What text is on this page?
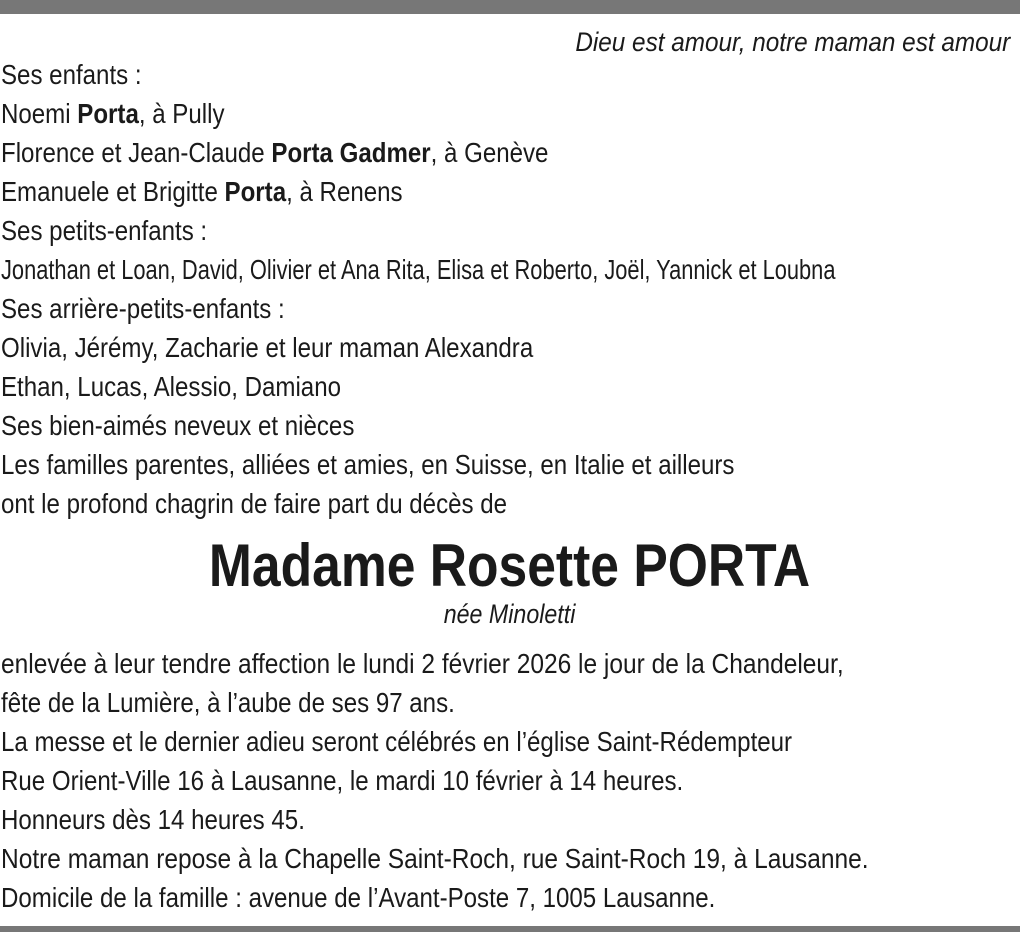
Dieu est amour, notre maman est amour
Ses enfants :
Noemi Porta, à Pully
Florence et Jean-Claude Porta Gadmer, à Genève
Emanuele et Brigitte Porta, à Renens
Ses petits-enfants :
Jonathan et Loan, David, Olivier et Ana Rita, Elisa et Roberto, Joël, Yannick et Loubna
Ses arrière-petits-enfants :
Olivia, Jérémy, Zacharie et leur maman Alexandra
Ethan, Lucas, Alessio, Damiano
Ses bien-aimés neveux et nièces
Les familles parentes, alliées et amies, en Suisse, en Italie et ailleurs
ont le profond chagrin de faire part du décès de
Madame Rosette PORTA
née Minoletti
enlevée à leur tendre affection le lundi 2 février 2026 le jour de la Chandeleur,
fête de la Lumière, à l’aube de ses 97 ans.
La messe et le dernier adieu seront célébrés en l’église Saint-Rédempteur
Rue Orient-Ville 16 à Lausanne, le mardi 10 février à 14 heures.
Honneurs dès 14 heures 45.
Notre maman repose à la Chapelle Saint-Roch, rue Saint-Roch 19, à Lausanne.
Domicile de la famille : avenue de l’Avant-Poste 7, 1005 Lausanne.
